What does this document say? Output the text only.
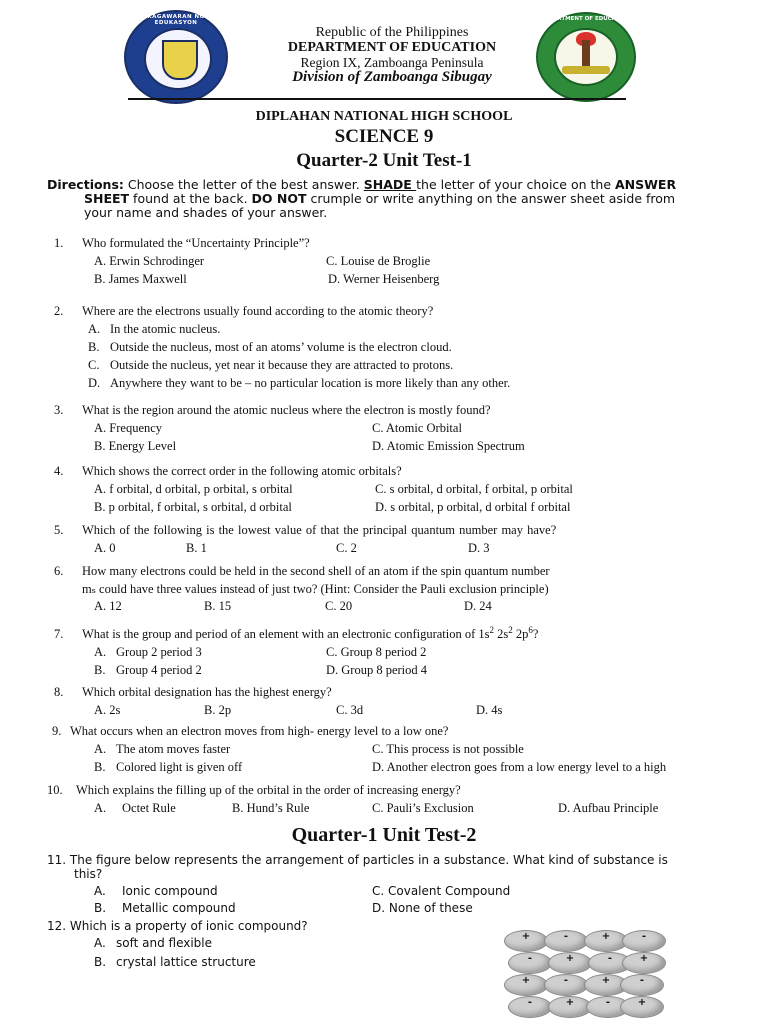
KAGAWARAN NG EDUKASYON
DEPARTMENT OF EDUCATION
Republic of the Philippines
DEPARTMENT OF EDUCATION
Region IX, Zamboanga Peninsula
Division of Zamboanga Sibugay
DIPLAHAN NATIONAL HIGH SCHOOL
SCIENCE 9
Quarter-2 Unit Test-1
Directions: Choose the letter of the best answer. SHADE the letter of your choice on the ANSWER
SHEET found at the back. DO NOT crumple or write anything on the answer sheet aside from
your name and shades of your answer.
1. Who formulated the “Uncertainty Principle”?
A. Erwin Schrodinger	C. Louise de Broglie
B. James Maxwell	D. Werner Heisenberg
2. Where are the electrons usually found according to the atomic theory?
A. In the atomic nucleus.
B. Outside the nucleus, most of an atoms’ volume is the electron cloud.
C. Outside the nucleus, yet near it because they are attracted to protons.
D. Anywhere they want to be – no particular location is more likely than any other.
3. What is the region around the atomic nucleus where the electron is mostly found?
A. Frequency	C. Atomic Orbital
B. Energy Level	D. Atomic Emission Spectrum
4. Which shows the correct order in the following atomic orbitals?
A. f orbital, d orbital, p orbital, s orbital	C. s orbital, d orbital, f orbital, p orbital
B. p orbital, f orbital, s orbital, d orbital	D. s orbital, p orbital, d orbital f orbital
5. Which of the following is the lowest value of that the principal quantum number may have?
A. 0	B. 1	C. 2	D. 3
6. How many electrons could be held in the second shell of an atom if the spin quantum number
mₛ could have three values instead of just two? (Hint: Consider the Pauli exclusion principle)
A. 12	B. 15	C. 20	D. 24
7. What is the group and period of an element with an electronic configuration of $1s^2$ $2s^2$ $2p^6$?
A. Group 2 period 3	C. Group 8 period 2
B. Group 4 period 2	D. Group 8 period 4
8. Which orbital designation has the highest energy?
A. 2s	B. 2p	C. 3d	D. 4s
9. What occurs when an electron moves from high- energy level to a low one?
A. The atom moves faster	C. This process is not possible
B. Colored light is given off	D. Another electron goes from a low energy level to a high
10. Which explains the filling up of the orbital in the order of increasing energy?
A. Octet Rule	B. Hund’s Rule	C. Pauli’s Exclusion	D. Aufbau Principle
Quarter-1 Unit Test-2
11. The figure below represents the arrangement of particles in a substance. What kind of substance is
this?
A. Ionic compound	C. Covalent Compound
B. Metallic compound	D. None of these
12. Which is a property of ionic compound?
A. soft and flexible
B. crystal lattice structure
+	-	+	-
-	+	-	+
+	-	+	-
-	+	-	+
